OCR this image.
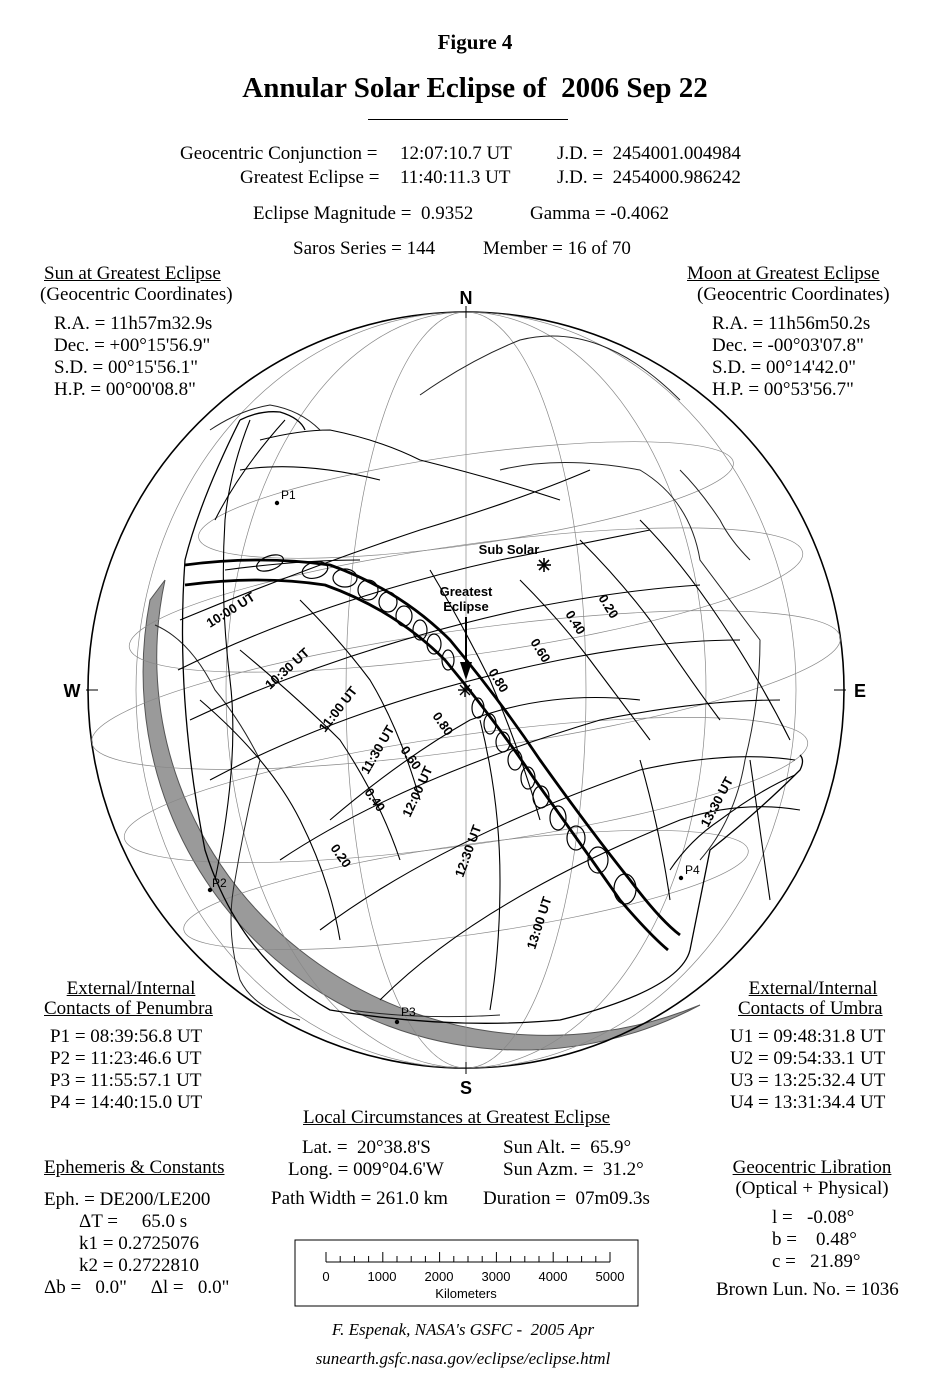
Figure 4
Annular Solar Eclipse of  2006 Sep 22
Geocentric Conjunction = 12:07:10.7 UT J.D. =  2454001.004984
Greatest Eclipse = 11:40:11.3 UT J.D. =  2454000.986242
Eclipse Magnitude =  0.9352	Gamma = -0.4062
Saros Series = 144	Member = 16 of 70
Sun at Greatest Eclipse
(Geocentric Coordinates)
R.A. = 11h57m32.9s
Dec. = +00°15'56.9"
S.D. = 00°15'56.1"
H.P. = 00°00'08.8"
Moon at Greatest Eclipse
(Geocentric Coordinates)
R.A. = 11h56m50.2s
Dec. = -00°03'07.8"
S.D. = 00°14'42.0"
H.P. = 00°53'56.7"
N
S
W	E
10:00 UT
10:30 UT
11:00 UT
11:30 UT
12:00 UT
12:30 UT
13:00 UT
13:30 UT
0.80
0.60
0.40
0.20
0.80
0.60
0.40
0.20
P1
P2
P3
P4
Sub Solar
Greatest
Eclipse
0	1000 2000 3000 4000 5000
Kilometers
External/Internal
Contacts of Penumbra
P1 = 08:39:56.8 UT
P2 = 11:23:46.6 UT
P3 = 11:55:57.1 UT
P4 = 14:40:15.0 UT
External/Internal
Contacts of Umbra
U1 = 09:48:31.8 UT
U2 = 09:54:33.1 UT
U3 = 13:25:32.4 UT
U4 = 13:31:34.4 UT
Local Circumstances at Greatest Eclipse
Lat. =  20°38.8'S
Long. = 009°04.6'W
Path Width = 261.0 km
Sun Alt. =  65.9°
Sun Azm. =  31.2°
Duration =  07m09.3s
Ephemeris & Constants
Eph. = DE200/LE200
ΔT =     65.0 s
k1 = 0.2725076
k2 = 0.2722810
Δb =   0.0"     Δl =   0.0"
Geocentric Libration
(Optical + Physical)
l =   -0.08°
b =    0.48°
c =   21.89°
Brown Lun. No. = 1036
F. Espenak, NASA's GSFC -  2005 Apr
sunearth.gsfc.nasa.gov/eclipse/eclipse.html
